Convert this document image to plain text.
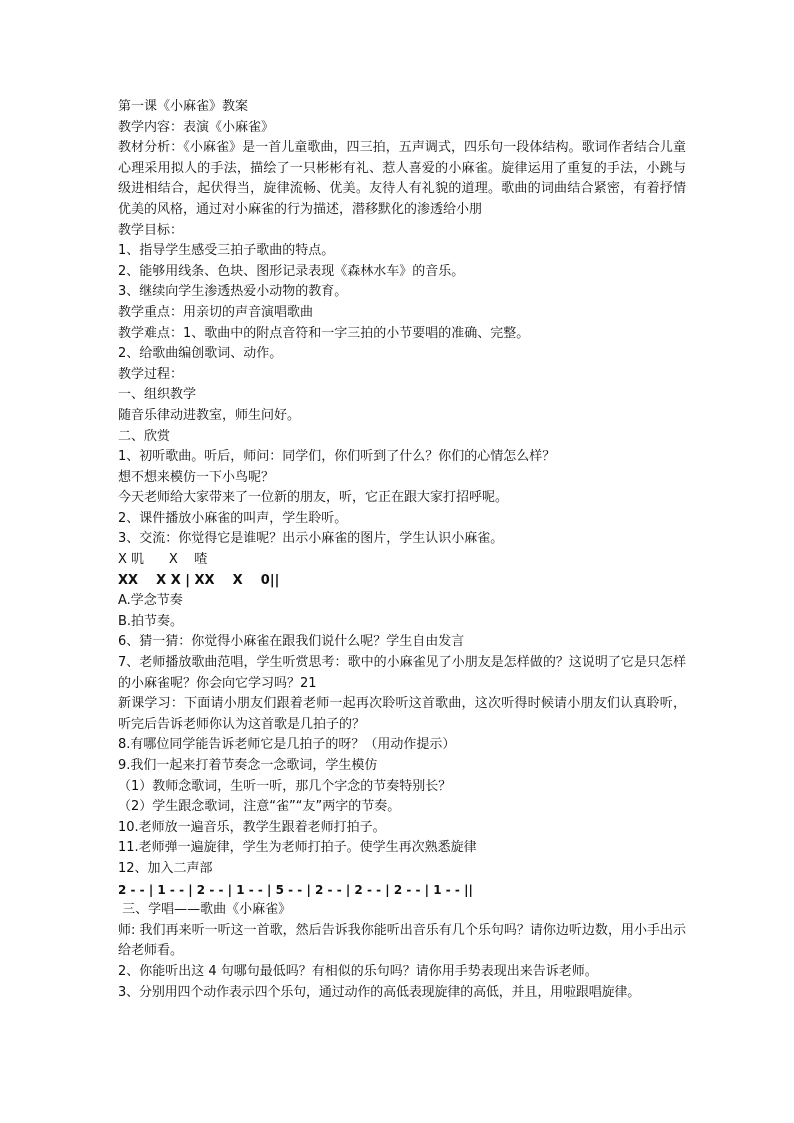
第一课《小麻雀》教案

教学内容：表演《小麻雀》

教材分析：《小麻雀》是一首儿童歌曲，四三拍，五声调式，四乐句一段体结构。歌词作者结合儿童心理采用拟人的手法，描绘了一只彬彬有礼、惹人喜爱的小麻雀。旋律运用了重复的手法，小跳与级进相结合，起伏得当，旋律流畅、优美。友待人有礼貌的道理。歌曲的词曲结合紧密，有着抒情优美的风格，通过对小麻雀的行为描述，潜移默化的渗透给小朋

教学目标：

1、指导学生感受三拍子歌曲的特点。

2、能够用线条、色块、图形记录表现《森林水车》的音乐。

3、继续向学生渗透热爱小动物的教育。

教学重点：用亲切的声音演唱歌曲

教学难点：1、歌曲中的附点音符和一字三拍的小节要唱的准确、完整。

2、给歌曲编创歌词、动作。

教学过程：

一、组织教学

随音乐律动进教室，师生问好。

二、欣赏

1、初听歌曲。听后，师问：同学们，你们听到了什么？你们的心情怎么样？

想不想来模仿一下小鸟呢？

今天老师给大家带来了一位新的朋友，听，它正在跟大家打招呼呢。

2、课件播放小麻雀的叫声，学生聆听。

3、交流：你觉得它是谁呢？出示小麻雀的图片，学生认识小麻雀。

X 叽      X    喳

XX    X X | XX    X    0||

A.学念节奏

B.拍节奏。

6、猜一猜：你觉得小麻雀在跟我们说什么呢？学生自由发言

7、老师播放歌曲范唱，学生听赏思考：歌中的小麻雀见了小朋友是怎样做的？这说明了它是只怎样的小麻雀呢？你会向它学习吗？21

新课学习：下面请小朋友们跟着老师一起再次聆听这首歌曲，这次听得时候请小朋友们认真聆听，听完后告诉老师你认为这首歌是几拍子的？

8.有哪位同学能告诉老师它是几拍子的呀？（用动作提示）

9.我们一起来打着节奏念一念歌词，学生模仿

（1）教师念歌词，生听一听，那几个字念的节奏特别长？

（2）学生跟念歌词，注意“雀”“友”两字的节奏。

10.老师放一遍音乐，教学生跟着老师打拍子。

11.老师弹一遍旋律，学生为老师打拍子。使学生再次熟悉旋律

12、加入二声部

2 - - | 1 - - | 2 - - | 1 - - | 5 - - | 2 - - | 2 - - | 2 - - | 1 - - ||

三、学唱——歌曲《小麻雀》

师: 我们再来听一听这一首歌，然后告诉我你能听出音乐有几个乐句吗？请你边听边数，用小手出示给老师看。

2、你能听出这 4 句哪句最低吗？有相似的乐句吗？请你用手势表现出来告诉老师。

3、分别用四个动作表示四个乐句，通过动作的高低表现旋律的高低，并且，用啦跟唱旋律。
